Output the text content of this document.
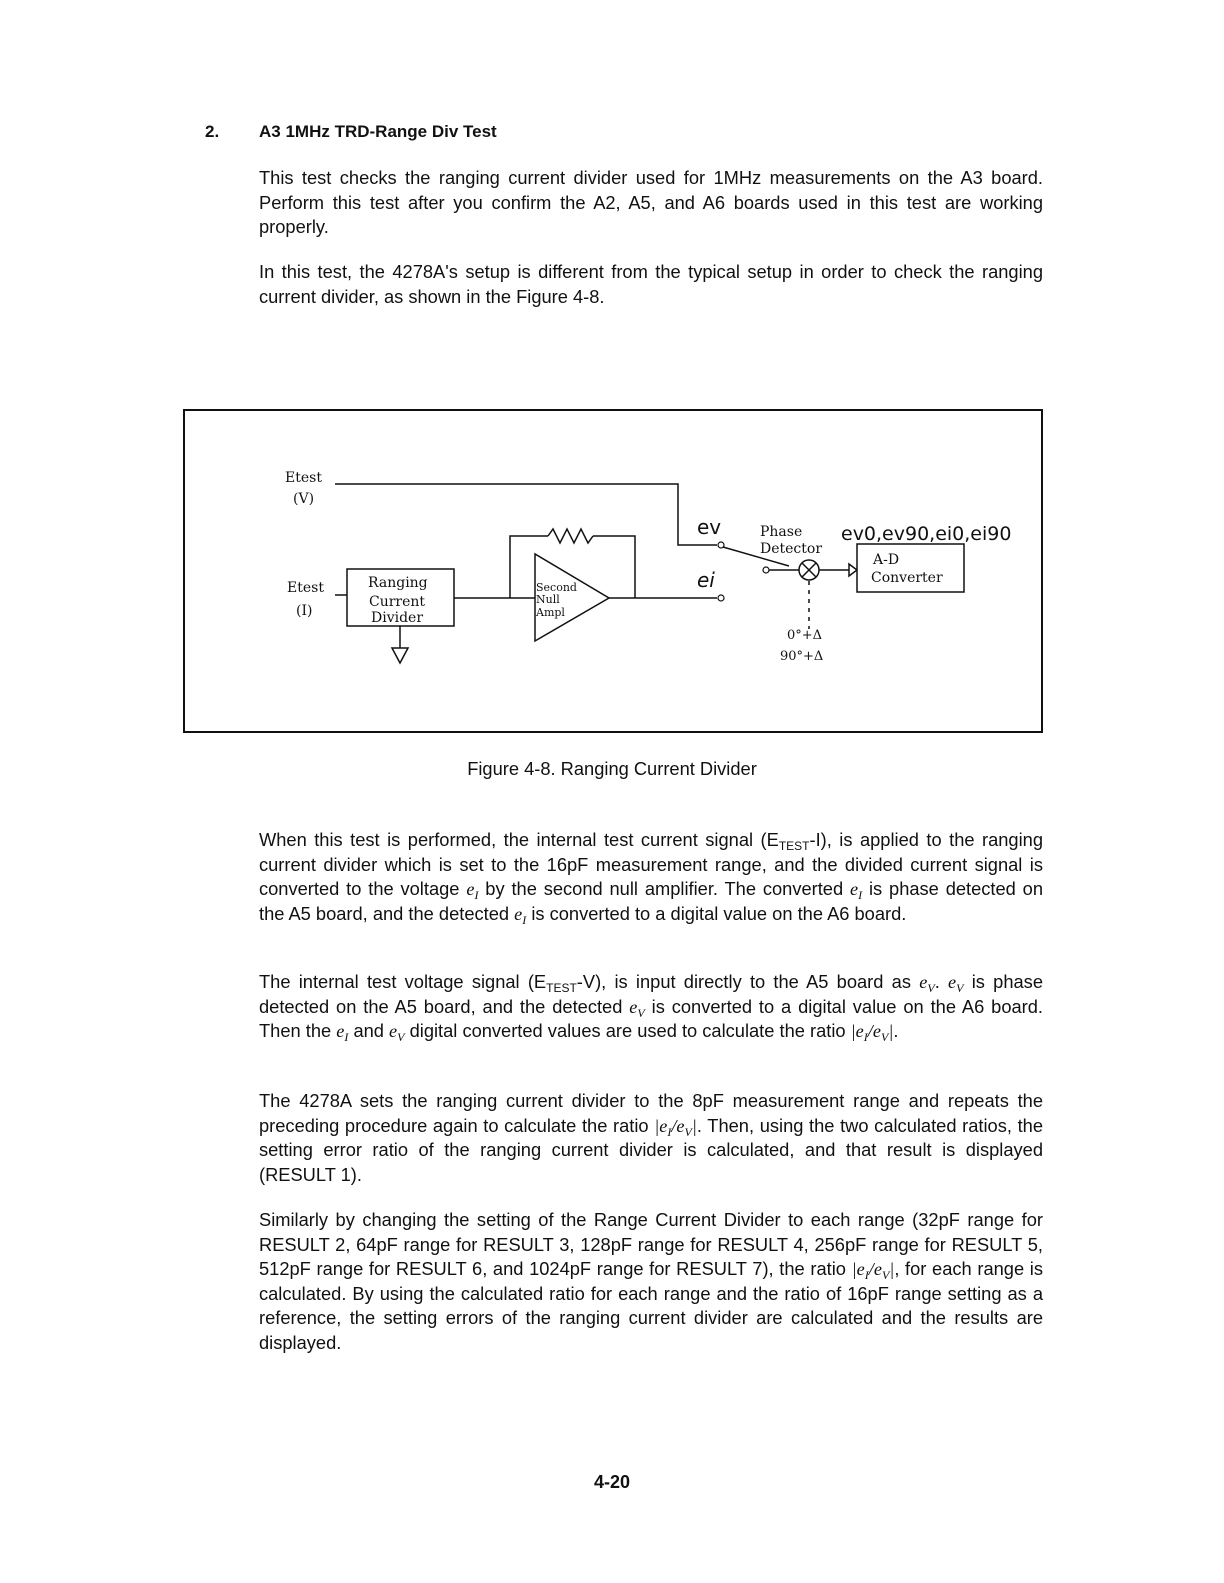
2. A3 1MHz TRD-Range Div Test

This test checks the ranging current divider used for 1MHz measurements on the A3 board. Perform this test after you confirm the A2, A5, and A6 boards used in this test are working properly.

In this test, the 4278A's setup is different from the typical setup in order to check the ranging current divider, as shown in the Figure 4-8.

Etest
(V)
ev
Etest
(I)
Ranging
Current
Divider
Second
Null
Ampl
ei
Phase
Detector
0°+Δ
90°+Δ
A-D
Converter
ev0,ev90,ei0,ei90
Figure 4-8. Ranging Current Divider

When this test is performed, the internal test current signal $(E_{TEST}-I)$, is applied to the ranging current divider which is set to the 16pF measurement range, and the divided current signal is converted to the voltage $e_I$ by the second null amplifier. The converted $e_I$ is phase detected on the A5 board, and the detected $e_I$ is converted to a digital value on the A6 board.

The internal test voltage signal $(E_{TEST}-V)$, is input directly to the A5 board as $e_V$. $e_V$ is phase detected on the A5 board, and the detected $e_V$ is converted to a digital value on the A6 board. Then the $e_I$ and $e_V$ digital converted values are used to calculate the ratio $|e_I/e_V|$.

The 4278A sets the ranging current divider to the 8pF measurement range and repeats the preceding procedure again to calculate the ratio $|e_I/e_V|$. Then, using the two calculated ratios, the setting error ratio of the ranging current divider is calculated, and that result is displayed (RESULT 1).

Similarly by changing the setting of the Range Current Divider to each range (32pF range for RESULT 2, 64pF range for RESULT 3, 128pF range for RESULT 4, 256pF range for RESULT 5, 512pF range for RESULT 6, and 1024pF range for RESULT 7), the ratio $|e_I/e_V|$, for each range is calculated. By using the calculated ratio for each range and the ratio of 16pF range setting as a reference, the setting errors of the ranging current divider are calculated and the results are displayed.

4-20
